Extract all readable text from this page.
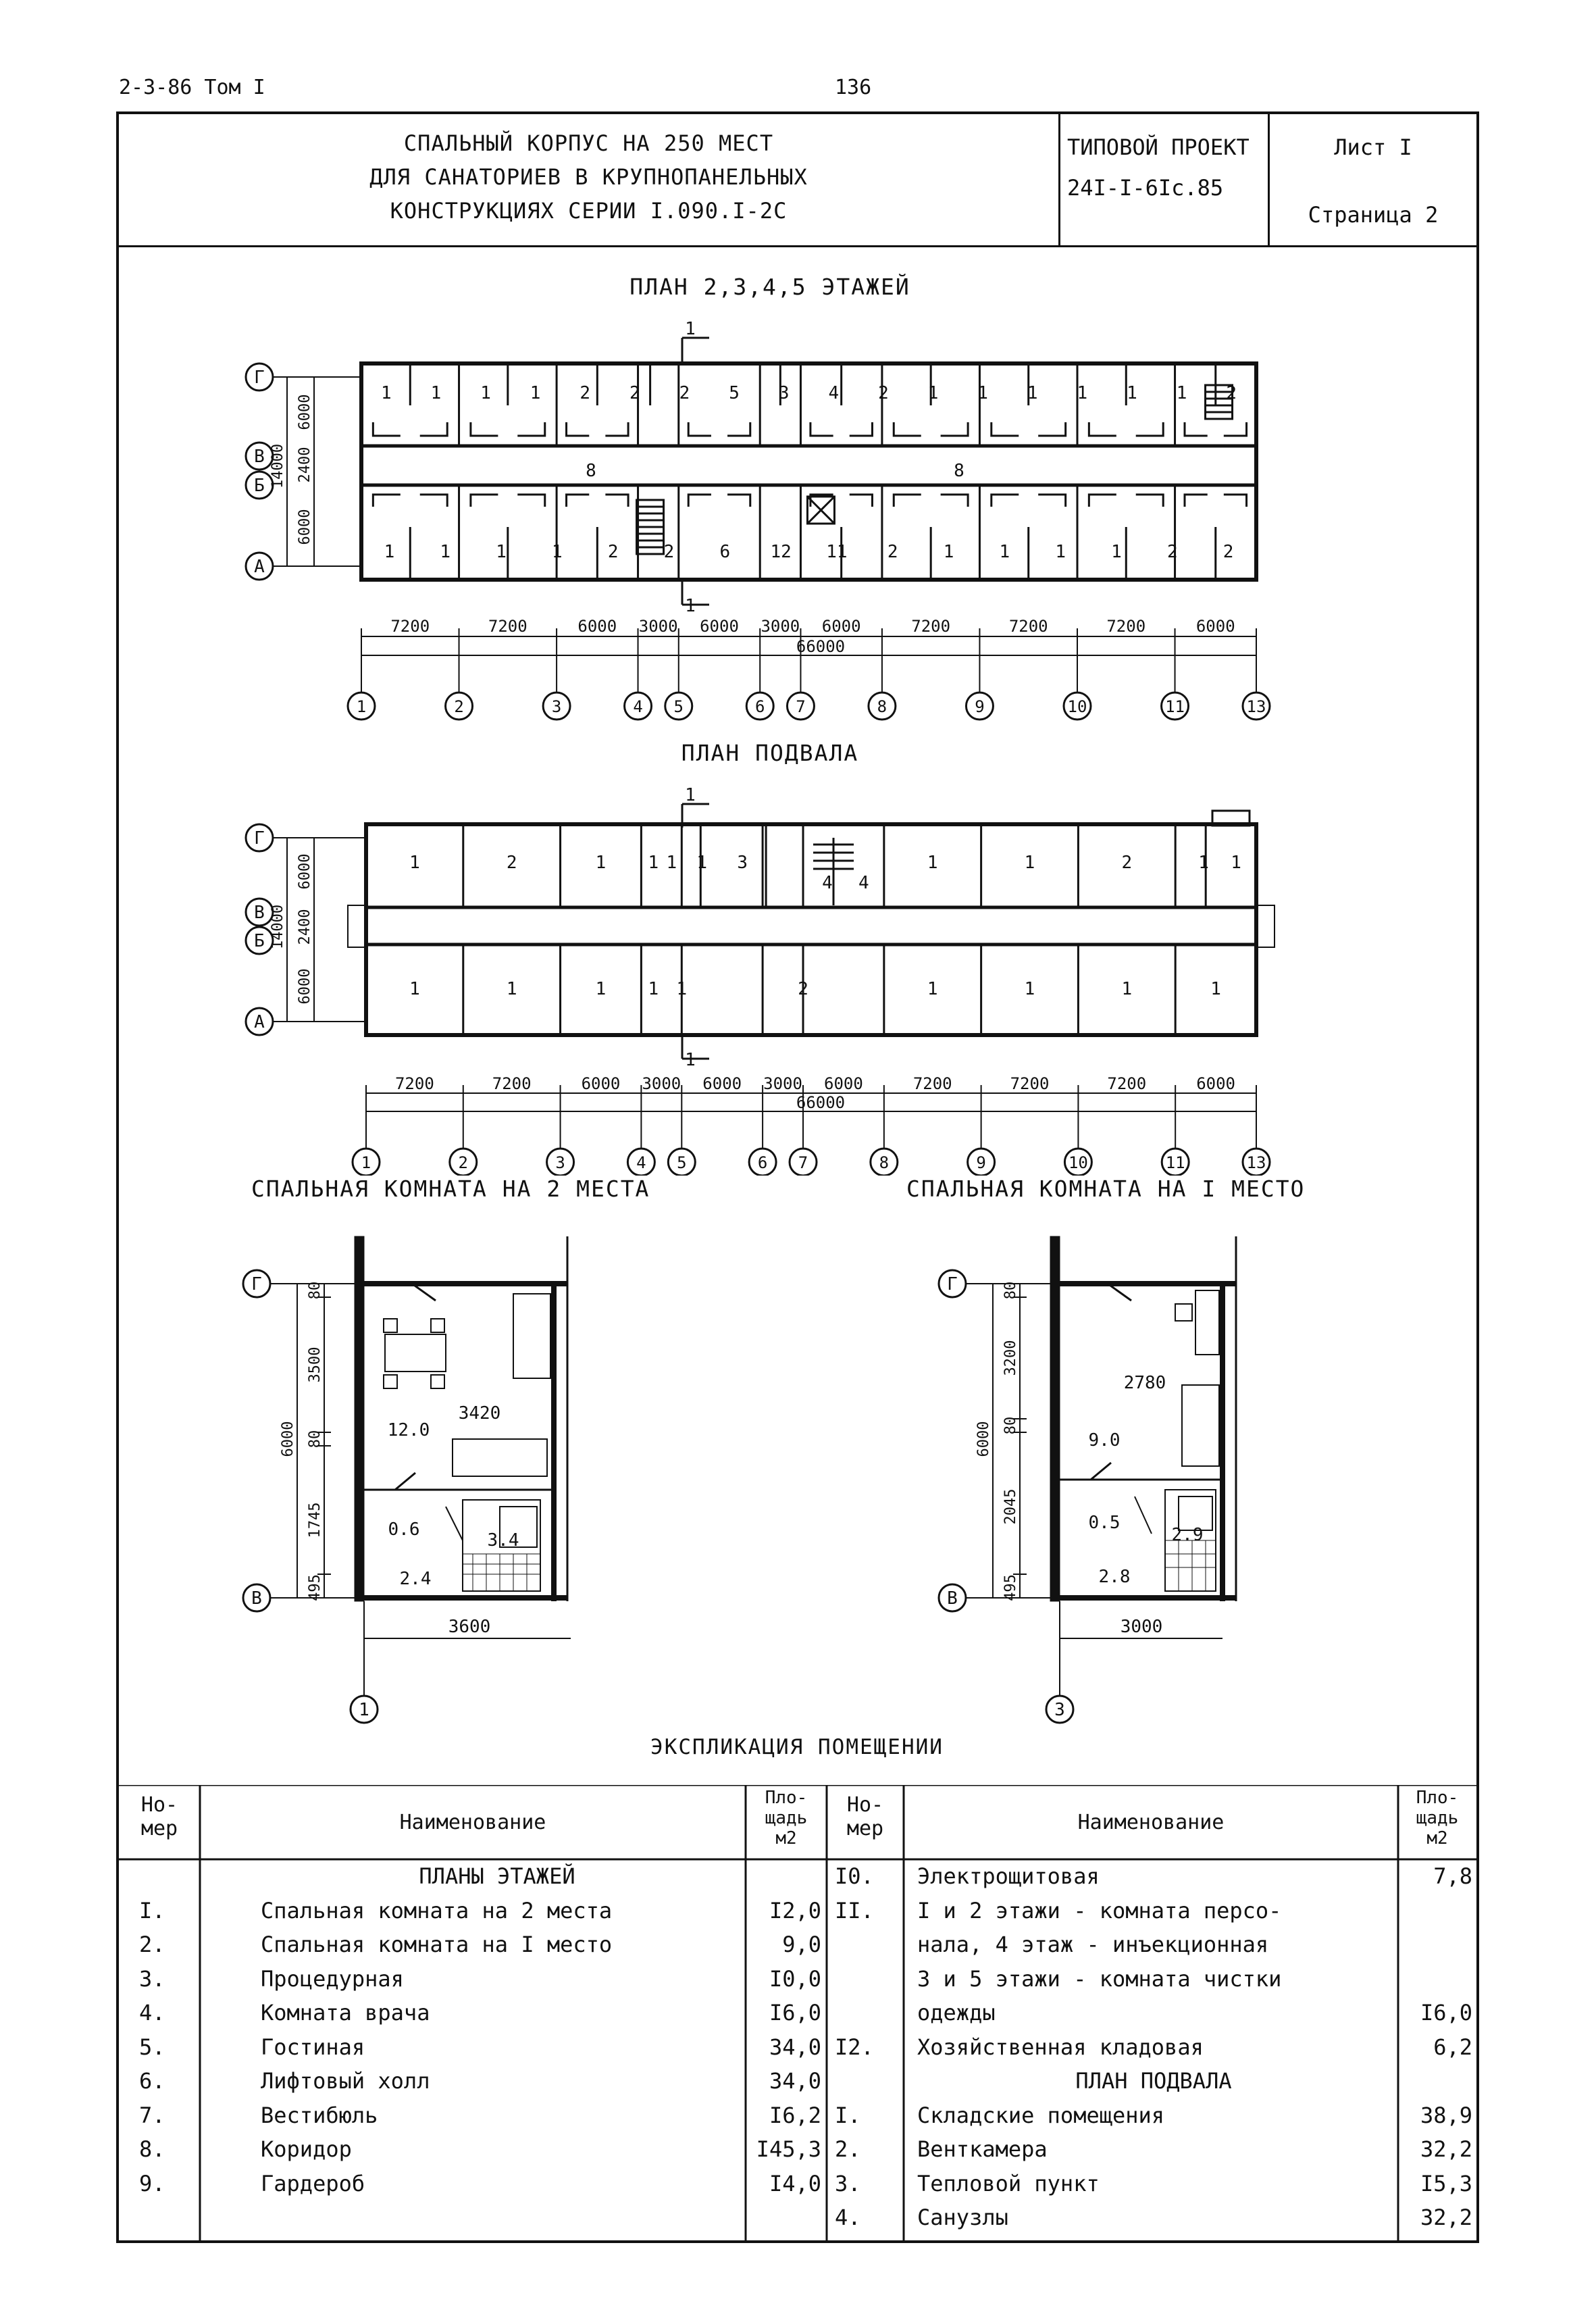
2-3-86 Том I	136
СПАЛЬНЫЙ КОРПУС НА 250 МЕСТ
ДЛЯ САНАТОРИЕВ В КРУПНОПАНЕЛЬНЫХ
КОНСТРУКЦИЯХ СЕРИИ I.090.I-2С
ТИПОВОЙ ПРОЕКТ
24I-I-6Iс.85
Лист I
Страница 2
ПЛАН 2,3,4,5 ЭТАЖЕЙ
1
1
8	8
1 1 1 1 2 2 2 5 3 4 2 1 1 1 1 1 1 2
1	1	1	1	2	2	6 12 11 2	1	1	1	1	2	2
Г
В
Б
А
6000
2400
6000
14000
7200	7200	6000 3000 6000 3000 6000	7200	7200	7200	6000
66000
1	2	3	4 5	6 7	8	9	10	11	13
ПЛАН ПОДВАЛА
1
1
1	2	1 1 1 1 3
4 4
1	1	2	1 1
1	1	1 1 1	2	1	1	1	1
Г
В
Б
А
6000
2400
6000
14000
7200	7200	6000 3000 6000 3000 6000	7200	7200	7200	6000
66000
1	2	3	4 5	6 7	8	9	10	11	13
СПАЛЬНАЯ КОМНАТА НА 2 МЕСТА	СПАЛЬНАЯ КОМНАТА НА I МЕСТО
Г
В
1
3600
3420
12.0
0.6
3.4
2.4
80
3500
80
1745
495
6000
Г
В
3
3000
2780
9.0
0.5
2.9
2.8
80
3200
80
2045
495
6000
ЭКСПЛИКАЦИЯ ПОМЕЩЕНИИ
Но-
мер	Наименование
Пло-
щадь
м2
Но-
мер	Наименование
Пло-
щадь
м2
ПЛАНЫ ЭТАЖЕЙ
I.	Спальная комната на 2 места	I2,0
2.	Спальная комната на I место	9,0
3.	Процедурная	I0,0
4.	Комната врача	I6,0
5.	Гостиная	34,0
6.	Лифтовый холл	34,0
7.	Вестибюль	I6,2
8.	Коридор	I45,3
9.	Гардероб	I4,0
I0.	Электрощитовая	7,8
II.	I и 2 этажи - комната персо-
нала, 4 этаж - инъекционная
3 и 5 этажи - комната чистки
одежды	I6,0
I2.	Хозяйственная кладовая	6,2
ПЛАН ПОДВАЛА
I.	Складские помещения	38,9
2.	Венткамера	32,2
3.	Тепловой пункт	I5,3
4.	Санузлы	32,2
